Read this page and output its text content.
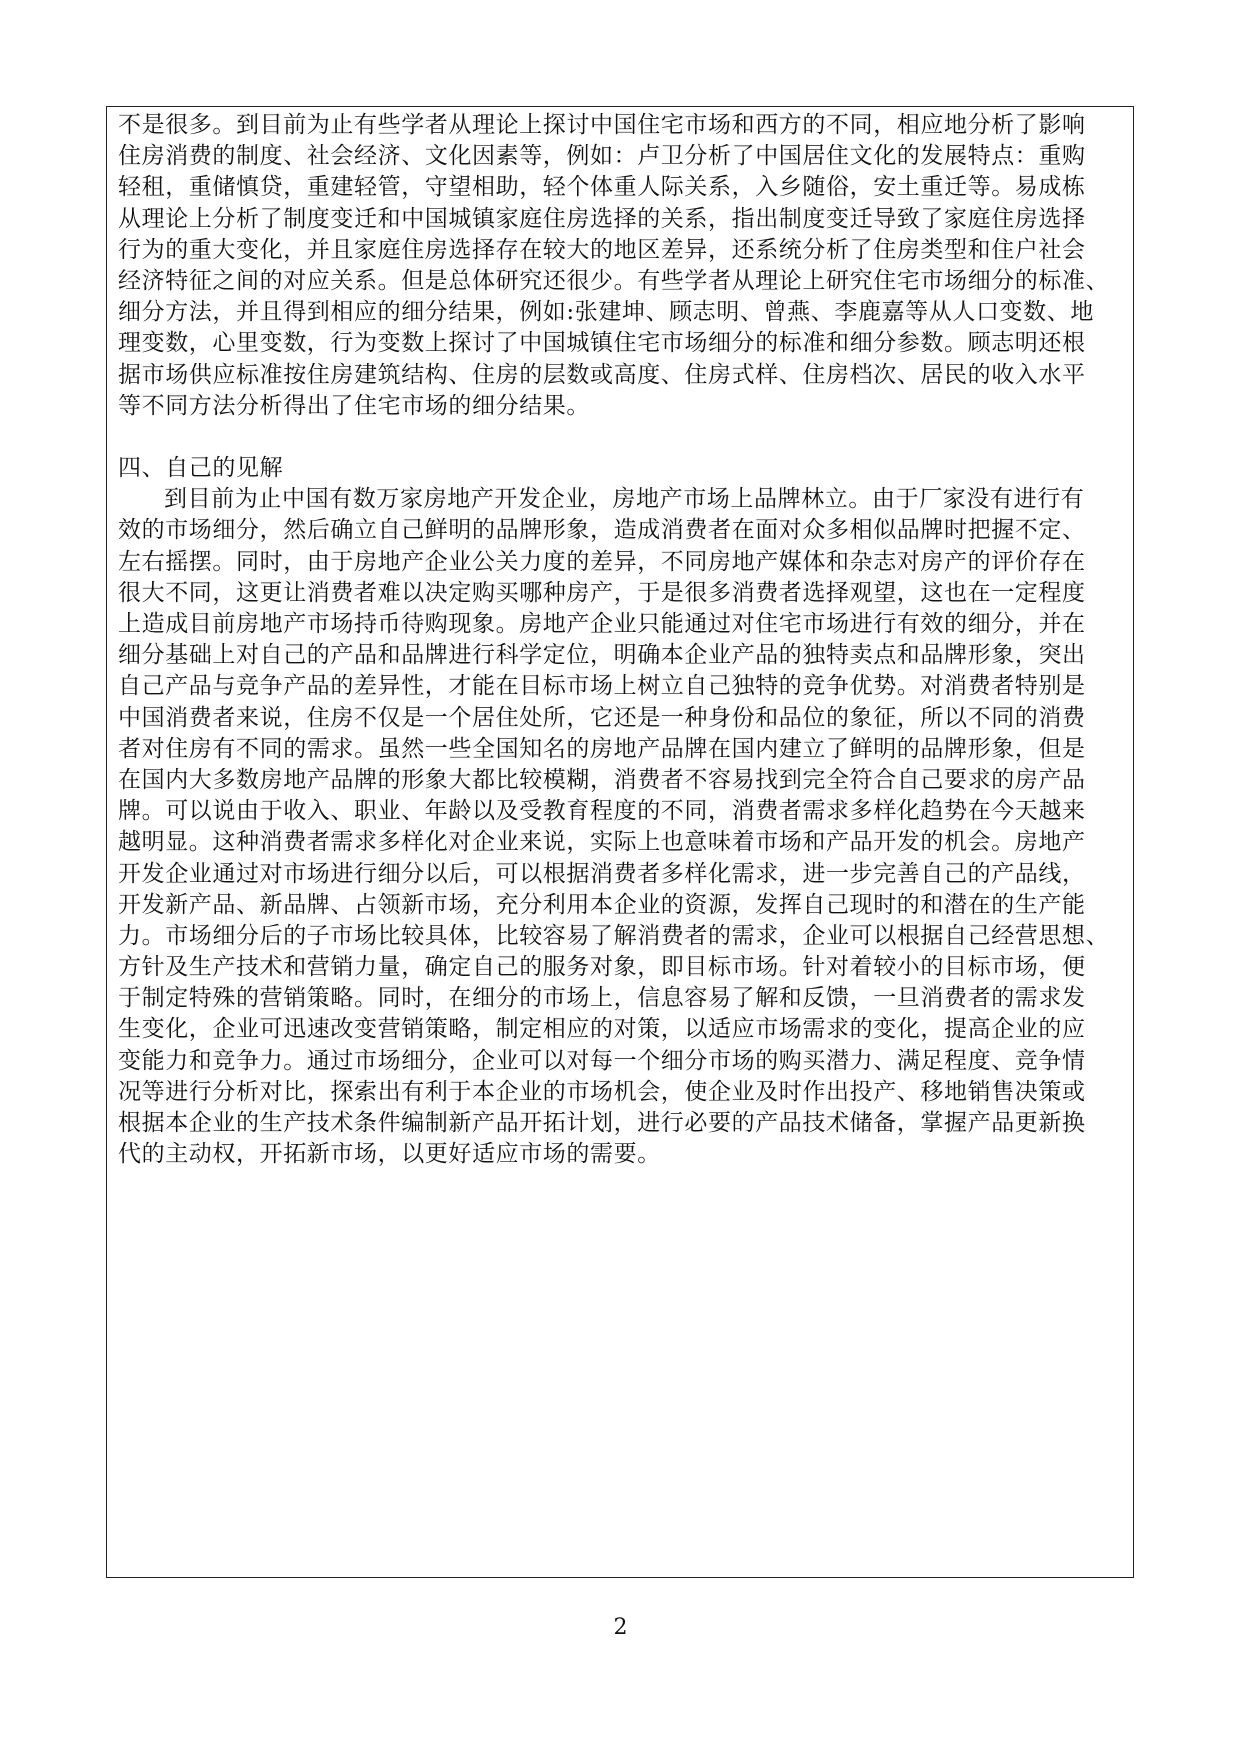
不是很多。到目前为止有些学者从理论上探讨中国住宅市场和西方的不同，相应地分析了影响
住房消费的制度、社会经济、文化因素等，例如：卢卫分析了中国居住文化的发展特点：重购
轻租，重储慎贷，重建轻管，守望相助，轻个体重人际关系，入乡随俗，安土重迁等。易成栋
从理论上分析了制度变迁和中国城镇家庭住房选择的关系，指出制度变迁导致了家庭住房选择
行为的重大变化，并且家庭住房选择存在较大的地区差异，还系统分析了住房类型和住户社会
经济特征之间的对应关系。但是总体研究还很少。有些学者从理论上研究住宅市场细分的标准、
细分方法，并且得到相应的细分结果，例如:张建坤、顾志明、曾燕、李鹿嘉等从人口变数、地
理变数，心里变数，行为变数上探讨了中国城镇住宅市场细分的标准和细分参数。顾志明还根
据市场供应标准按住房建筑结构、住房的层数或高度、住房式样、住房档次、居民的收入水平
等不同方法分析得出了住宅市场的细分结果。
四、自己的见解
到目前为止中国有数万家房地产开发企业，房地产市场上品牌林立。由于厂家没有进行有
效的市场细分，然后确立自己鲜明的品牌形象，造成消费者在面对众多相似品牌时把握不定、
左右摇摆。同时，由于房地产企业公关力度的差异，不同房地产媒体和杂志对房产的评价存在
很大不同，这更让消费者难以决定购买哪种房产，于是很多消费者选择观望，这也在一定程度
上造成目前房地产市场持币待购现象。房地产企业只能通过对住宅市场进行有效的细分，并在
细分基础上对自己的产品和品牌进行科学定位，明确本企业产品的独特卖点和品牌形象，突出
自己产品与竞争产品的差异性，才能在目标市场上树立自己独特的竞争优势。对消费者特别是
中国消费者来说，住房不仅是一个居住处所，它还是一种身份和品位的象征，所以不同的消费
者对住房有不同的需求。虽然一些全国知名的房地产品牌在国内建立了鲜明的品牌形象，但是
在国内大多数房地产品牌的形象大都比较模糊，消费者不容易找到完全符合自己要求的房产品
牌。可以说由于收入、职业、年龄以及受教育程度的不同，消费者需求多样化趋势在今天越来
越明显。这种消费者需求多样化对企业来说，实际上也意味着市场和产品开发的机会。房地产
开发企业通过对市场进行细分以后，可以根据消费者多样化需求，进一步完善自己的产品线，
开发新产品、新品牌、占领新市场，充分利用本企业的资源，发挥自己现时的和潜在的生产能
力。市场细分后的子市场比较具体，比较容易了解消费者的需求，企业可以根据自己经营思想、
方针及生产技术和营销力量，确定自己的服务对象，即目标市场。针对着较小的目标市场，便
于制定特殊的营销策略。同时，在细分的市场上，信息容易了解和反馈，一旦消费者的需求发
生变化，企业可迅速改变营销策略，制定相应的对策，以适应市场需求的变化，提高企业的应
变能力和竞争力。通过市场细分，企业可以对每一个细分市场的购买潜力、满足程度、竞争情
况等进行分析对比，探索出有利于本企业的市场机会，使企业及时作出投产、移地销售决策或
根据本企业的生产技术条件编制新产品开拓计划，进行必要的产品技术储备，掌握产品更新换
代的主动权，开拓新市场，以更好适应市场的需要。
2
